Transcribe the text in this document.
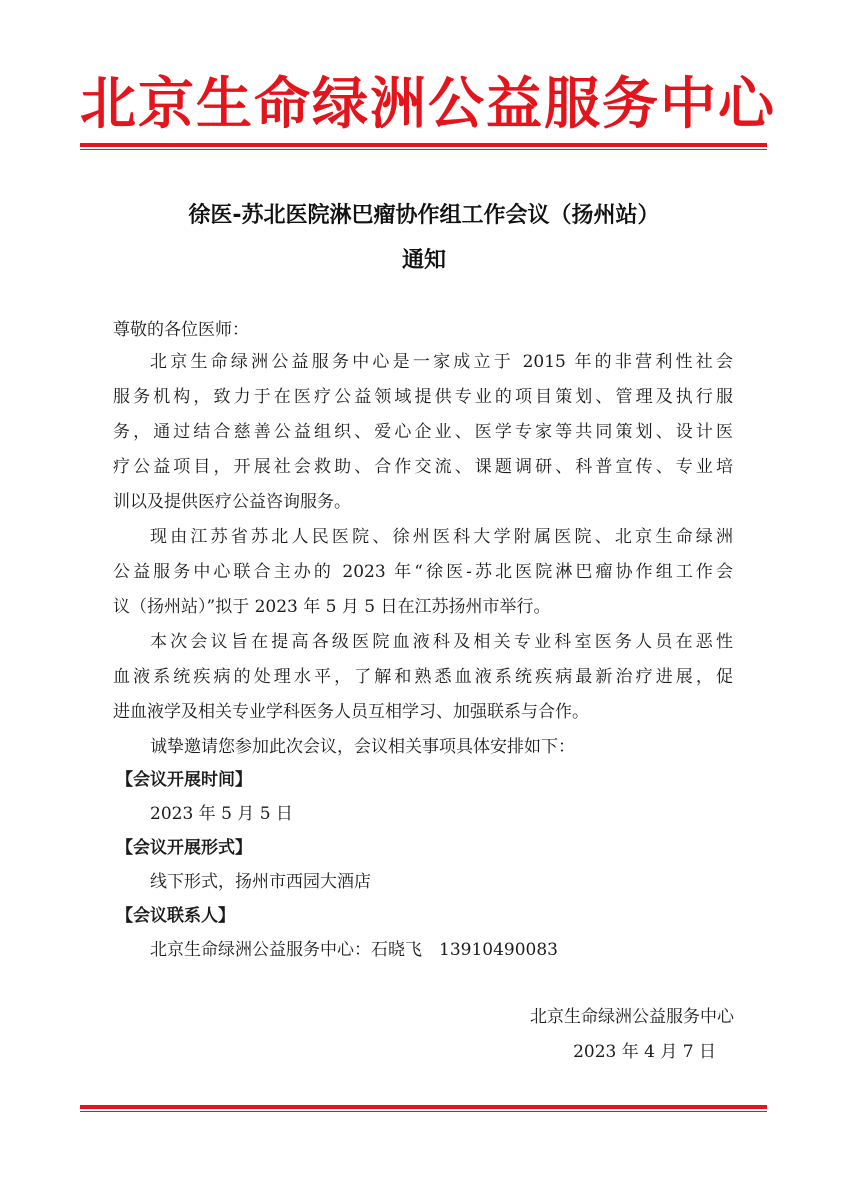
北京生命绿洲公益服务中心
徐医-苏北医院淋巴瘤协作组工作会议（扬州站）
通知
尊敬的各位医师：
北京生命绿洲公益服务中心是一家成立于 2015 年的非营利性社会
服务机构，致力于在医疗公益领域提供专业的项目策划、管理及执行服
务，通过结合慈善公益组织、爱心企业、医学专家等共同策划、设计医
疗公益项目，开展社会救助、合作交流、课题调研、科普宣传、专业培
训以及提供医疗公益咨询服务。
现由江苏省苏北人民医院、徐州医科大学附属医院、北京生命绿洲
公益服务中心联合主办的 2023 年“徐医-苏北医院淋巴瘤协作组工作会
议（扬州站）”拟于 2023 年 5 月 5 日在江苏扬州市举行。
本次会议旨在提高各级医院血液科及相关专业科室医务人员在恶性
血液系统疾病的处理水平，了解和熟悉血液系统疾病最新治疗进展，促
进血液学及相关专业学科医务人员互相学习、加强联系与合作。
诚挚邀请您参加此次会议，会议相关事项具体安排如下：
【会议开展时间】
2023 年 5 月 5 日
【会议开展形式】
线下形式，扬州市西园大酒店
【会议联系人】
北京生命绿洲公益服务中心：石晓飞　13910490083
北京生命绿洲公益服务中心
2023 年 4 月 7 日
